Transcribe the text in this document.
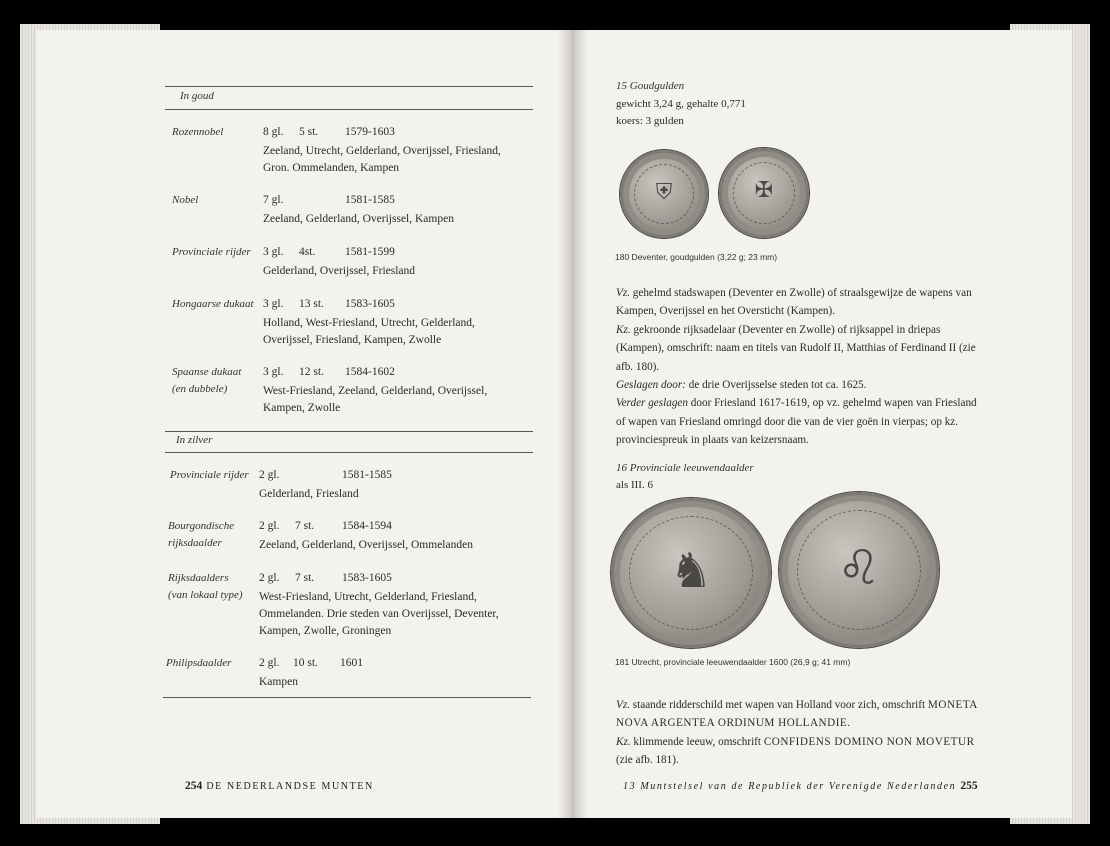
In goud
Rozennobel	8 gl. 5 st. 1579-1603
Zeeland, Utrecht, Gelderland, Overijssel, Friesland,
Gron. Ommelanden, Kampen
Nobel	7 gl.	1581-1585
Zeeland, Gelderland, Overijssel, Kampen
Provinciale rijder 3 gl. 4st.	1581-1599
Gelderland, Overijssel, Friesland
Hongaarse dukaat 3 gl. 13 st. 1583-1605
Holland, West-Friesland, Utrecht, Gelderland,
Overijssel, Friesland, Kampen, Zwolle
Spaanse dukaat
(en dubbele)
3 gl. 12 st. 1584-1602
West-Friesland, Zeeland, Gelderland, Overijssel,
Kampen, Zwolle
In zilver
Provinciale rijder 2 gl.	1581-1585
Gelderland, Friesland
Bourgondische
rijksdaalder
2 gl. 7 st. 1584-1594
Zeeland, Gelderland, Overijssel, Ommelanden
Rijksdaalders
(van lokaal type)
2 gl. 7 st. 1583-1605
West-Friesland, Utrecht, Gelderland, Friesland,
Ommelanden. Drie steden van Overijssel, Deventer,
Kampen, Zwolle, Groningen
Philipsdaalder 2 gl. 10 st. 1601
Kampen
254 DE NEDERLANDSE MUNTEN
15 Goudgulden
gewicht 3,24 g, gehalte 0,771
koers: 3 gulden
⛨	✠
180 Deventer, goudgulden (3,22 g; 23 mm)
Vz. gehelmd stadswapen (Deventer en Zwolle) of straalsgewijze de wapens van Kampen, Overijssel en het Oversticht (Kampen).
Kz. gekroonde rijksadelaar (Deventer en Zwolle) of rijksappel in driepas (Kampen), omschrift: naam en titels van Rudolf II, Matthias of Ferdinand II (zie afb. 180).
Geslagen door: de drie Overijsselse steden tot ca. 1625.
Verder geslagen door Friesland 1617-1619, op vz. gehelmd wapen van Friesland of wapen van Friesland omringd door die van de vier goën in vierpas; op kz. provinciespreuk in plaats van keizersnaam.
16 Provinciale leeuwendaalder
als III. 6
♞	♌
181 Utrecht, provinciale leeuwendaalder 1600 (26,9 g; 41 mm)
Vz. staande ridderschild met wapen van Holland voor zich, omschrift MONETA NOVA ARGENTEA ORDINUM HOLLANDIE.
Kz. klimmende leeuw, omschrift CONFIDENS DOMINO NON MOVETUR (zie afb. 181).
13 Muntstelsel van de Republiek der Verenigde Nederlanden 255
